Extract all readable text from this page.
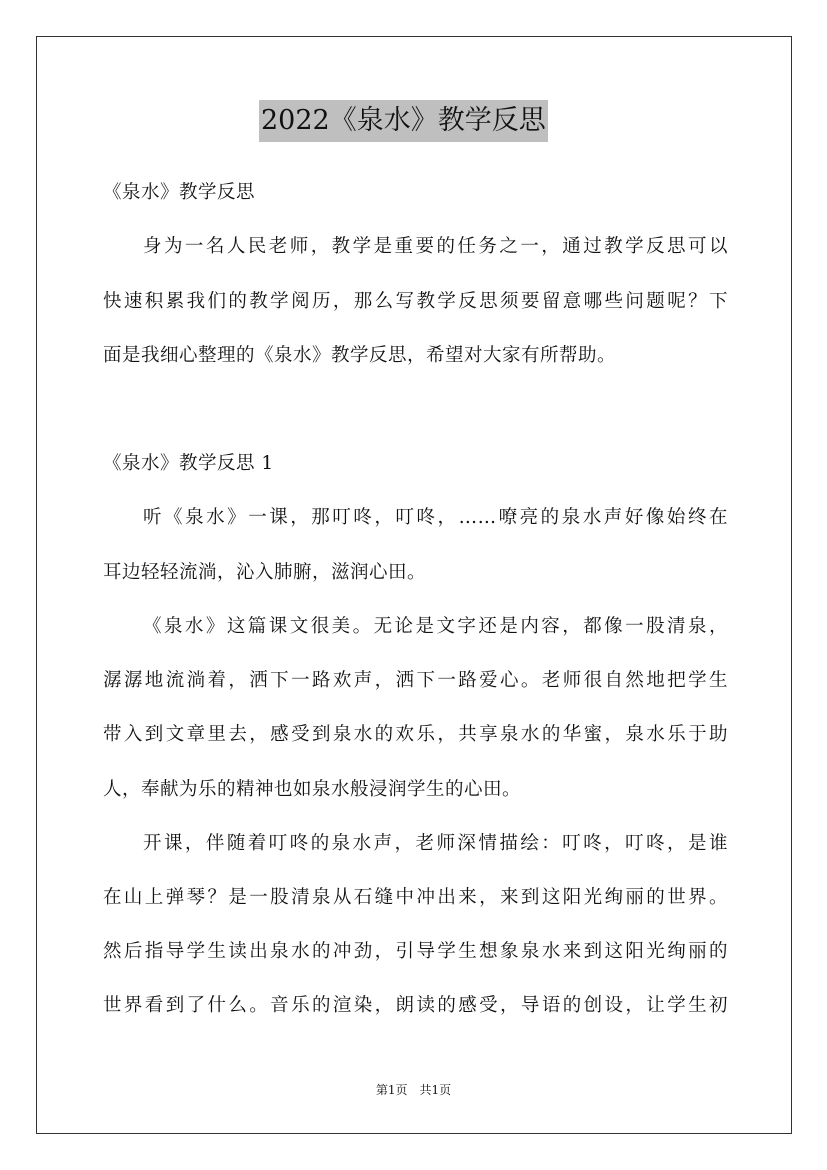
2022《泉水》教学反思
《泉水》教学反思
身为一名人民老师，教学是重要的任务之一，通过教学反思可以
快速积累我们的教学阅历，那么写教学反思须要留意哪些问题呢？下
面是我细心整理的《泉水》教学反思，希望对大家有所帮助。
《泉水》教学反思 1
听《泉水》一课，那叮咚，叮咚，……嘹亮的泉水声好像始终在
耳边轻轻流淌，沁入肺腑，滋润心田。
《泉水》这篇课文很美。无论是文字还是内容，都像一股清泉，
潺潺地流淌着，洒下一路欢声，洒下一路爱心。老师很自然地把学生
带入到文章里去，感受到泉水的欢乐，共享泉水的华蜜，泉水乐于助
人，奉献为乐的精神也如泉水般浸润学生的心田。
开课，伴随着叮咚的泉水声，老师深情描绘：叮咚，叮咚，是谁
在山上弹琴？是一股清泉从石缝中冲出来，来到这阳光绚丽的世界。
然后指导学生读出泉水的冲劲，引导学生想象泉水来到这阳光绚丽的
世界看到了什么。音乐的渲染，朗读的感受，导语的创设，让学生初
第1页　共1页
